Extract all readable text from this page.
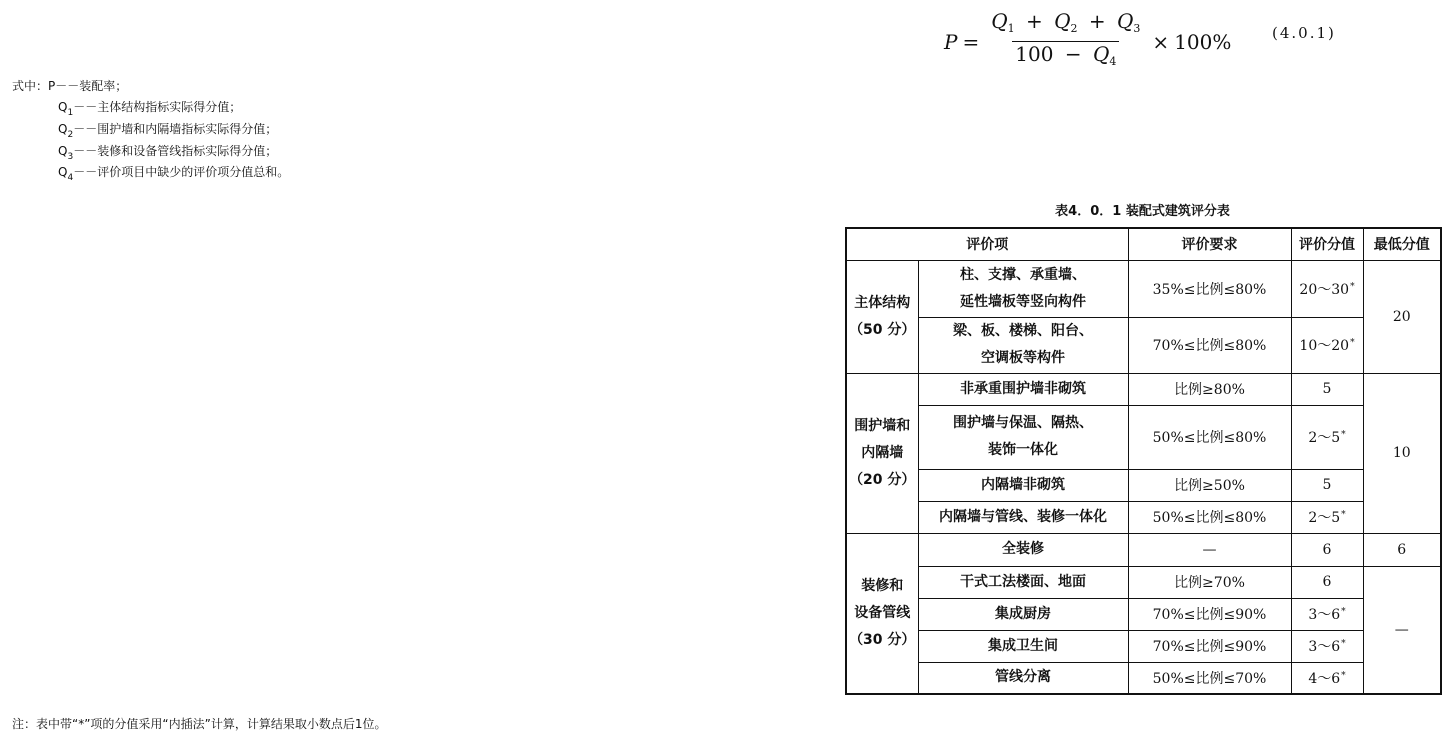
$P = \frac{Q_1 + Q_2 + Q_3}{100 - Q_4} \times 100\%$	(4.0.1)
式中：P－－装配率；
$Q_1--$主体结构指标实际得分值；
$Q_2--$围护墙和内隔墙指标实际得分值；
$Q_3--$装修和设备管线指标实际得分值；
$Q_4--$评价项目中缺少的评价项分值总和。
表4．0．1 装配式建筑评分表
评价项		评价要求	评价分值	最低分值

主体结构
（50 分）	柱、支撑、承重墙、
延性墙板等竖向构件	35%≤比例≤80%	20～30*	20

	梁、板、楼梯、阳台、
空调板等构件	70%≤比例≤80%	10～20*

围护墙和
内隔墙
（20 分）	非承重围护墙非砌筑	比例≥80%	5	10

	围护墙与保温、隔热、
装饰一体化	50%≤比例≤80%	2～5*

	内隔墙非砌筑	比例≥50%	5	

	内隔墙与管线、装修一体化	50%≤比例≤80%	2～5*

装修和
设备管线
（30 分）	全装修	—	6	6

	干式工法楼面、地面	比例≥70%	6	—

	集成厨房	70%≤比例≤90%	3～6*

	集成卫生间	70%≤比例≤90%	3～6*

	管线分离	50%≤比例≤70%	4～6*
注：表中带“*”项的分值采用“内插法”计算，计算结果取小数点后1位。
